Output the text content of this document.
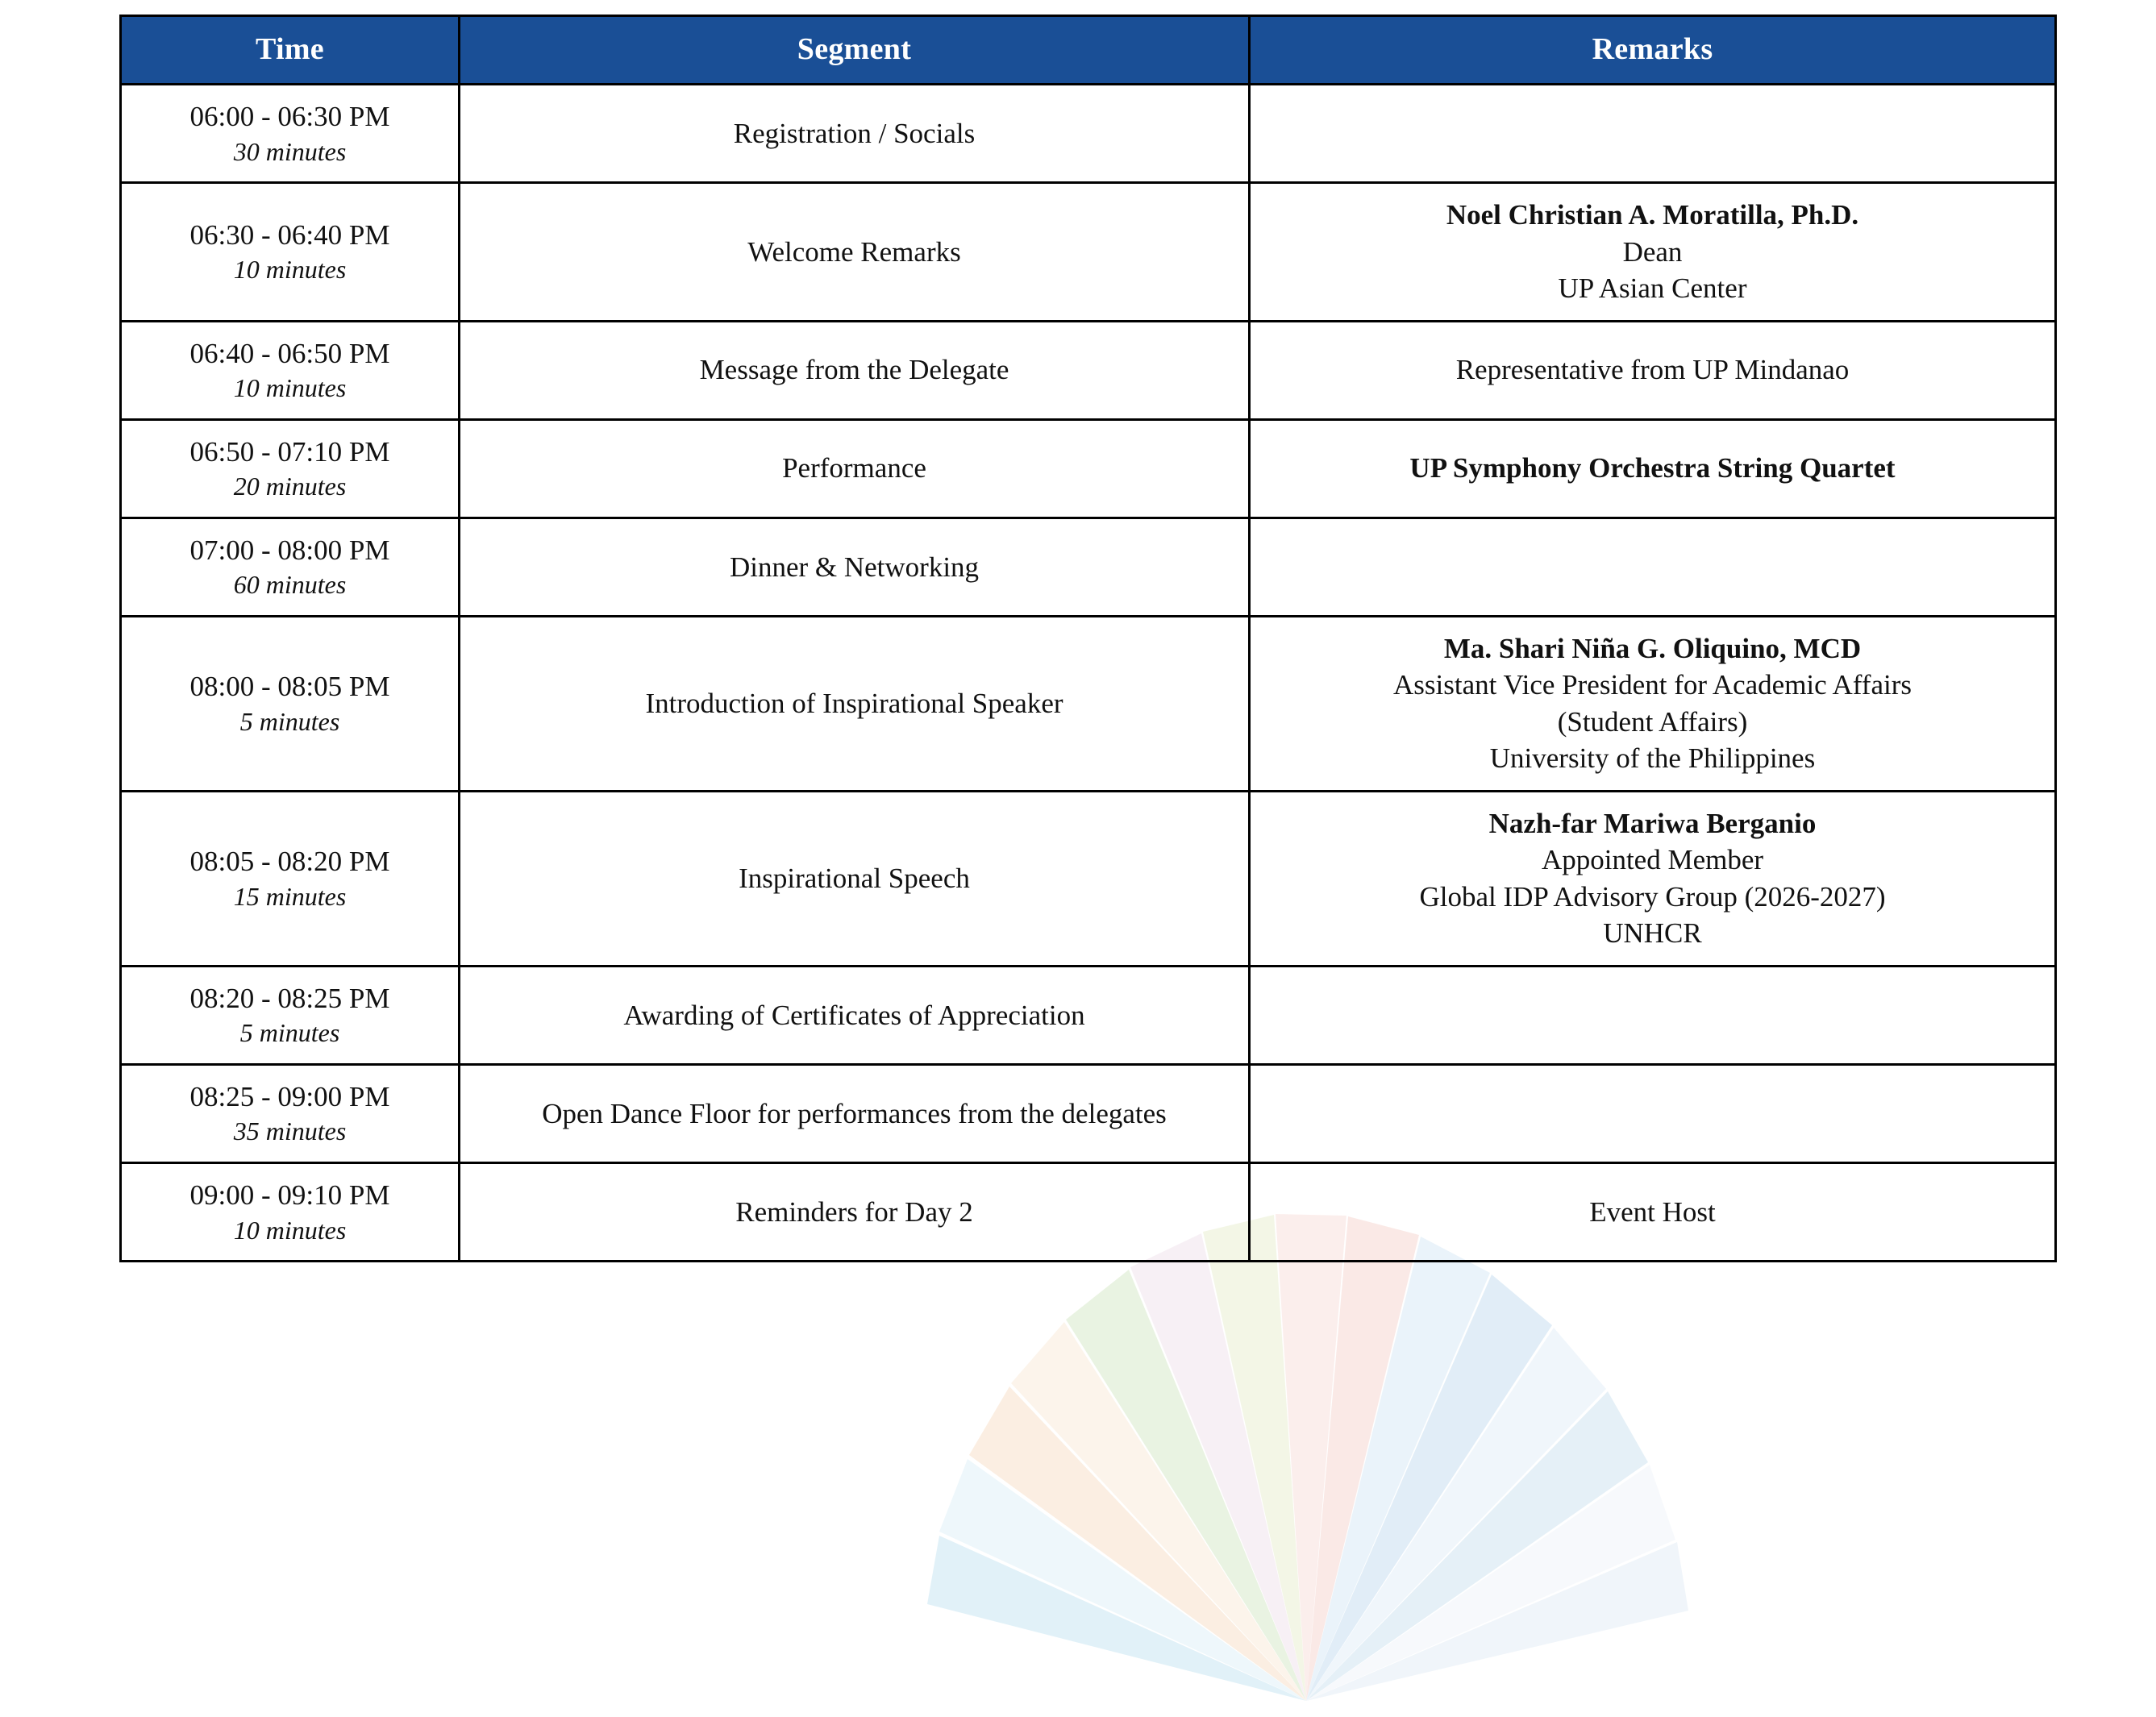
Time	Segment	Remarks

06:00 - 06:30 PM
30 minutes	Registration / Socials	

06:30 - 06:40 PM
10 minutes	Welcome Remarks	Noel Christian A. Moratilla, Ph.D.
Dean
UP Asian Center

06:40 - 06:50 PM
10 minutes	Message from the Delegate	Representative from UP Mindanao

06:50 - 07:10 PM
20 minutes	Performance	UP Symphony Orchestra String Quartet

07:00 - 08:00 PM
60 minutes	Dinner & Networking	

08:00 - 08:05 PM
5 minutes	Introduction of Inspirational Speaker	Ma. Shari Niña G. Oliquino, MCD
Assistant Vice President for Academic Affairs
(Student Affairs)
University of the Philippines

08:05 - 08:20 PM
15 minutes	Inspirational Speech	Nazh-far Mariwa Berganio
Appointed Member
Global IDP Advisory Group (2026-2027)
UNHCR

08:20 - 08:25 PM
5 minutes	Awarding of Certificates of Appreciation	

08:25 - 09:00 PM
35 minutes	Open Dance Floor for performances from the delegates	

09:00 - 09:10 PM
10 minutes	Reminders for Day 2	Event Host
